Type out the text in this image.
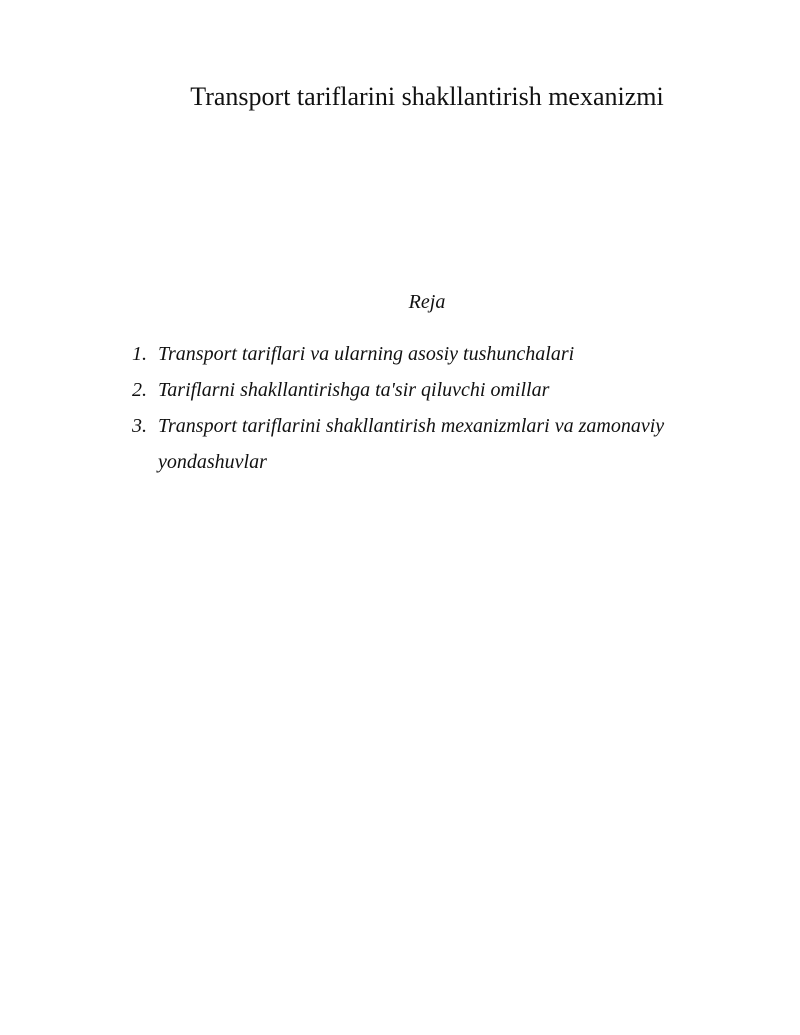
Transport tariflarini shakllantirish mexanizmi

Reja

1. Transport tariflari va ularning asosiy tushunchalari
2. Tariflarni shakllantirishga ta'sir qiluvchi omillar
3. Transport tariflarini shakllantirish mexanizmlari va zamonaviy yondashuvlar
